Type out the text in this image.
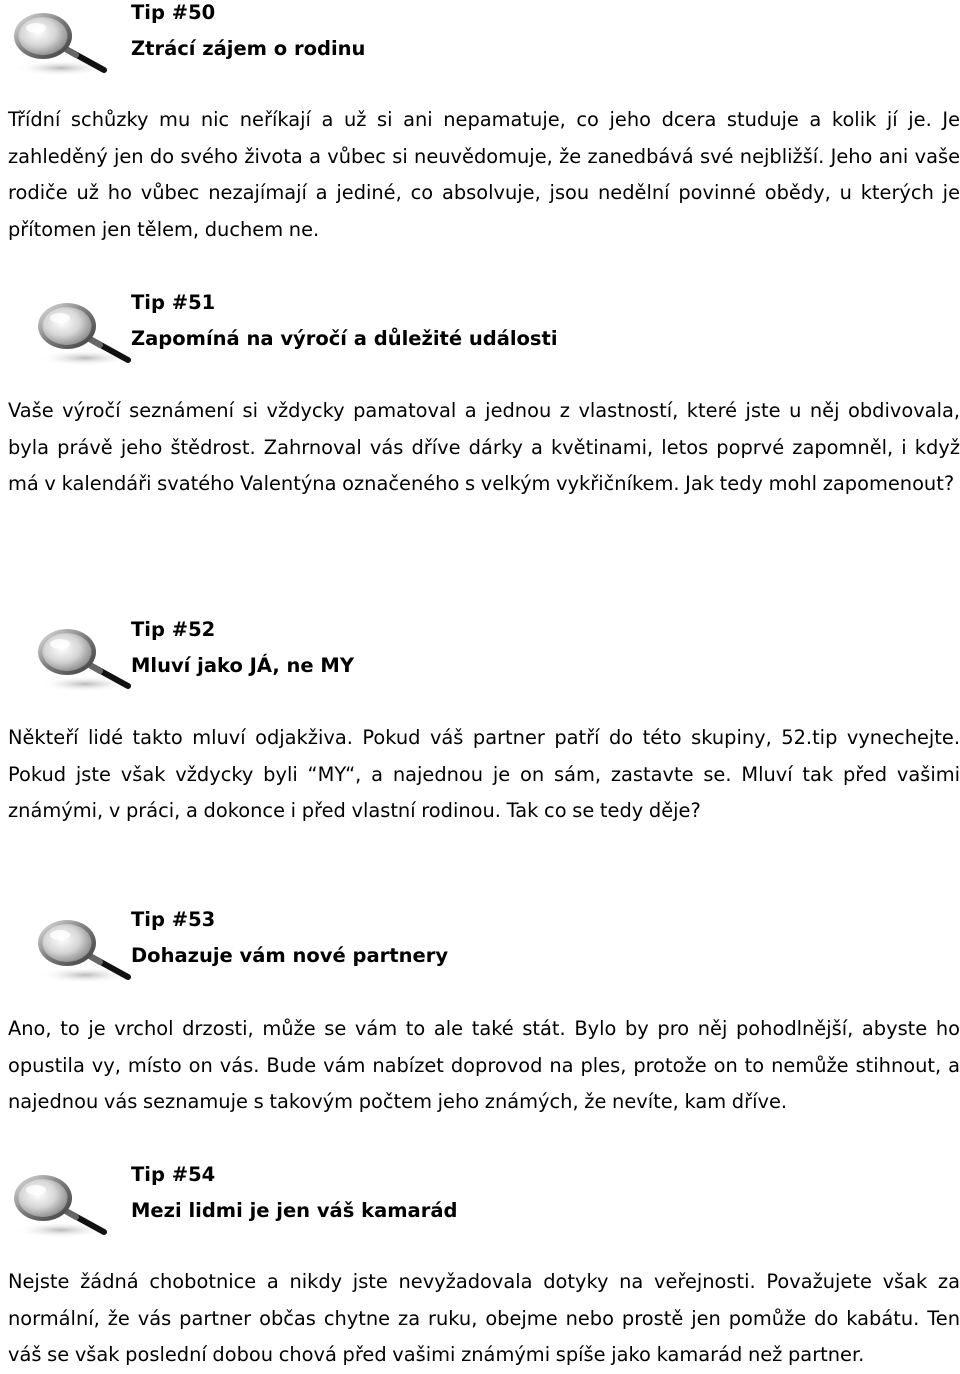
Tip #50
Ztrácí zájem o rodinu

Třídní schůzky mu nic neříkají a už si ani nepamatuje, co jeho dcera studuje a kolik jí je. Je zahleděný jen do svého života a vůbec si neuvědomuje, že zanedbává své nejbližší. Jeho ani vaše rodiče už ho vůbec nezajímají a jediné, co absolvuje, jsou nedělní povinné obědy, u kterých je přítomen jen tělem, duchem ne.

Tip #51
Zapomíná na výročí a důležité události

Vaše výročí seznámení si vždycky pamatoval a jednou z vlastností, které jste u něj obdivovala, byla právě jeho štědrost. Zahrnoval vás dříve dárky a květinami, letos poprvé zapomněl, i když má v kalendáři svatého Valentýna označeného s velkým vykřičníkem. Jak tedy mohl zapomenout?

Tip #52
Mluví jako JÁ, ne MY

Někteří lidé takto mluví odjakživa. Pokud váš partner patří do této skupiny, 52.tip vynechejte. Pokud jste však vždycky byli “MY“, a najednou je on sám, zastavte se. Mluví tak před vašimi známými, v práci, a dokonce i před vlastní rodinou. Tak co se tedy děje?

Tip #53
Dohazuje vám nové partnery

Ano, to je vrchol drzosti, může se vám to ale také stát. Bylo by pro něj pohodlnější, abyste ho opustila vy, místo on vás. Bude vám nabízet doprovod na ples, protože on to nemůže stihnout, a najednou vás seznamuje s takovým počtem jeho známých, že nevíte, kam dříve.

Tip #54
Mezi lidmi je jen váš kamarád

Nejste žádná chobotnice a nikdy jste nevyžadovala dotyky na veřejnosti. Považujete však za normální, že vás partner občas chytne za ruku, obejme nebo prostě jen pomůže do kabátu. Ten váš se však poslední dobou chová před vašimi známými spíše jako kamarád než partner.
